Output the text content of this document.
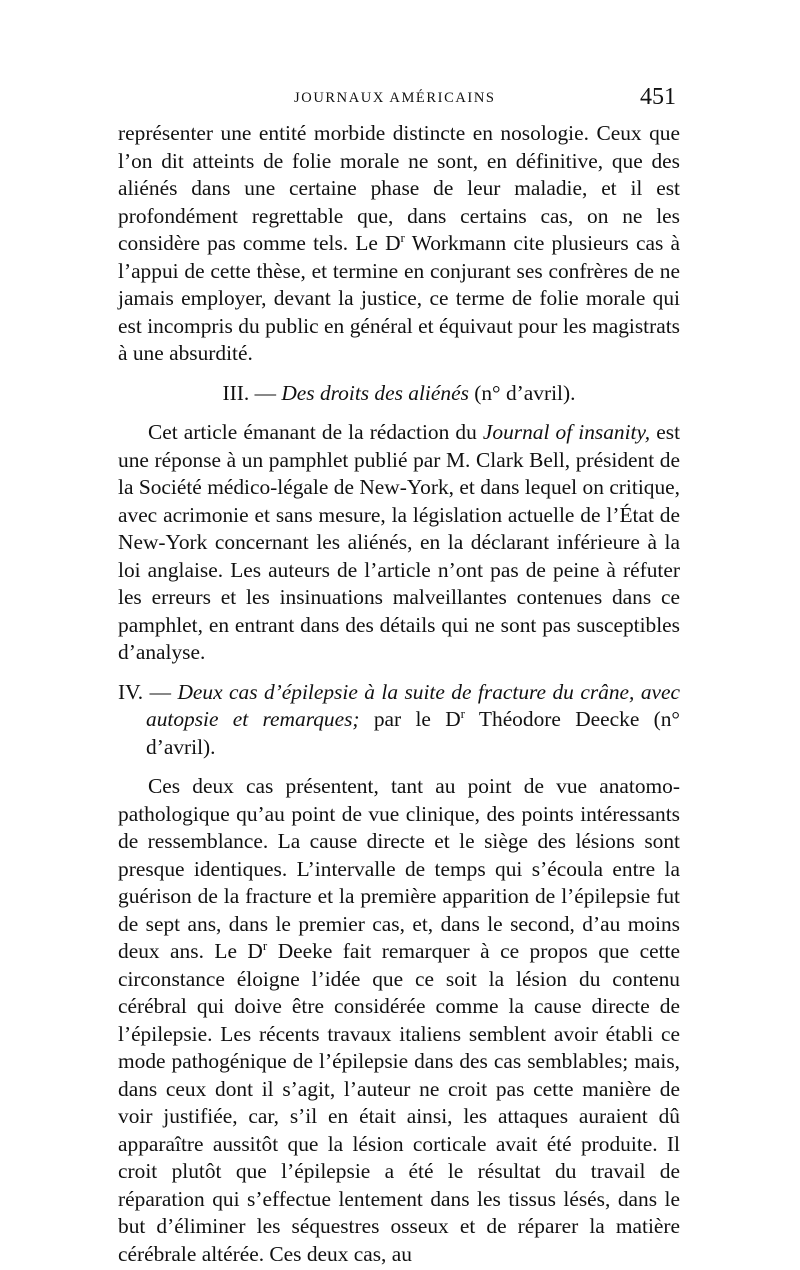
JOURNAUX AMÉRICAINS	451

représenter une entité morbide distincte en nosologie. Ceux que l’on dit atteints de folie morale ne sont, en définitive, que des aliénés dans une certaine phase de leur maladie, et il est profondément regrettable que, dans certains cas, on ne les considère pas comme tels. Le $D^r$ Workmann cite plusieurs cas à l’appui de cette thèse, et termine en conjurant ses confrères de ne jamais employer, devant la justice, ce terme de folie morale qui est incompris du public en général et équivaut pour les magistrats à une absurdité.

III. — Des droits des aliénés (n° d’avril).

Cet article émanant de la rédaction du Journal of insanity, est une réponse à un pamphlet publié par M. Clark Bell, président de la Société médico-légale de New-York, et dans lequel on critique, avec acrimonie et sans mesure, la législation actuelle de l’État de New-York concernant les aliénés, en la déclarant inférieure à la loi anglaise. Les auteurs de l’article n’ont pas de peine à réfuter les erreurs et les insinuations malveillantes contenues dans ce pamphlet, en entrant dans des détails qui ne sont pas susceptibles d’analyse.

IV. — Deux cas d’épilepsie à la suite de fracture du crâne, avec autopsie et remarques; par le $D^r$ Théodore Deecke (n° d’avril).

Ces deux cas présentent, tant au point de vue anatomo-pathologique qu’au point de vue clinique, des points intéressants de ressemblance. La cause directe et le siège des lésions sont presque identiques. L’intervalle de temps qui s’écoula entre la guérison de la fracture et la première apparition de l’épilepsie fut de sept ans, dans le premier cas, et, dans le second, d’au moins deux ans. Le $D^r$ Deeke fait remarquer à ce propos que cette circonstance éloigne l’idée que ce soit la lésion du contenu cérébral qui doive être considérée comme la cause directe de l’épilepsie. Les récents travaux italiens semblent avoir établi ce mode pathogénique de l’épilepsie dans des cas semblables; mais, dans ceux dont il s’agit, l’auteur ne croit pas cette manière de voir justifiée, car, s’il en était ainsi, les attaques auraient dû apparaître aussitôt que la lésion corticale avait été produite. Il croit plutôt que l’épilepsie a été le résultat du travail de réparation qui s’effectue lentement dans les tissus lésés, dans le but d’éliminer les séquestres osseux et de réparer la matière cérébrale altérée. Ces deux cas, au
